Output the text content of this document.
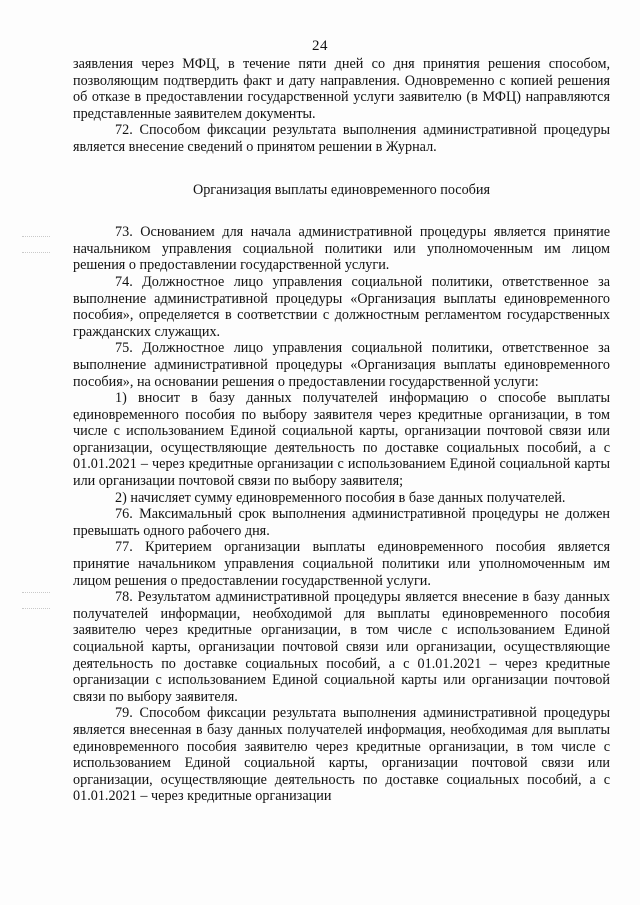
24

заявления через МФЦ, в течение пяти дней со дня принятия решения способом, позволяющим подтвердить факт и дату направления. Одновременно с копией решения об отказе в предоставлении государственной услуги заявителю (в МФЦ) направляются представленные заявителем документы.

72. Способом фиксации результата выполнения административной процедуры является внесение сведений о принятом решении в Журнал.

Организация выплаты единовременного пособия

73. Основанием для начала административной процедуры является принятие начальником управления социальной политики или уполномоченным им лицом решения о предоставлении государственной услуги.

74. Должностное лицо управления социальной политики, ответственное за выполнение административной процедуры «Организация выплаты единовременного пособия», определяется в соответствии с должностным регламентом государственных гражданских служащих.

75. Должностное лицо управления социальной политики, ответственное за выполнение административной процедуры «Организация выплаты единовременного пособия», на основании решения о предоставлении государственной услуги:

1) вносит в базу данных получателей информацию о способе выплаты единовременного пособия по выбору заявителя через кредитные организации, в том числе с использованием Единой социальной карты, организации почтовой связи или организации, осуществляющие деятельность по доставке социальных пособий, а с 01.01.2021 – через кредитные организации с использованием Единой социальной карты или организации почтовой связи по выбору заявителя;

2) начисляет сумму единовременного пособия в базе данных получателей.

76. Максимальный срок выполнения административной процедуры не должен превышать одного рабочего дня.

77. Критерием организации выплаты единовременного пособия является принятие начальником управления социальной политики или уполномоченным им лицом решения о предоставлении государственной услуги.

78. Результатом административной процедуры является внесение в базу данных получателей информации, необходимой для выплаты единовременного пособия заявителю через кредитные организации, в том числе с использованием Единой социальной карты, организации почтовой связи или организации, осуществляющие деятельность по доставке социальных пособий, а с 01.01.2021 – через кредитные организации с использованием Единой социальной карты или организации почтовой связи по выбору заявителя.

79. Способом фиксации результата выполнения административной процедуры является внесенная в базу данных получателей информация, необходимая для выплаты единовременного пособия заявителю через кредитные организации, в том числе с использованием Единой социальной карты, организации почтовой связи или организации, осуществляющие деятельность по доставке социальных пособий, а с 01.01.2021 – через кредитные организации
